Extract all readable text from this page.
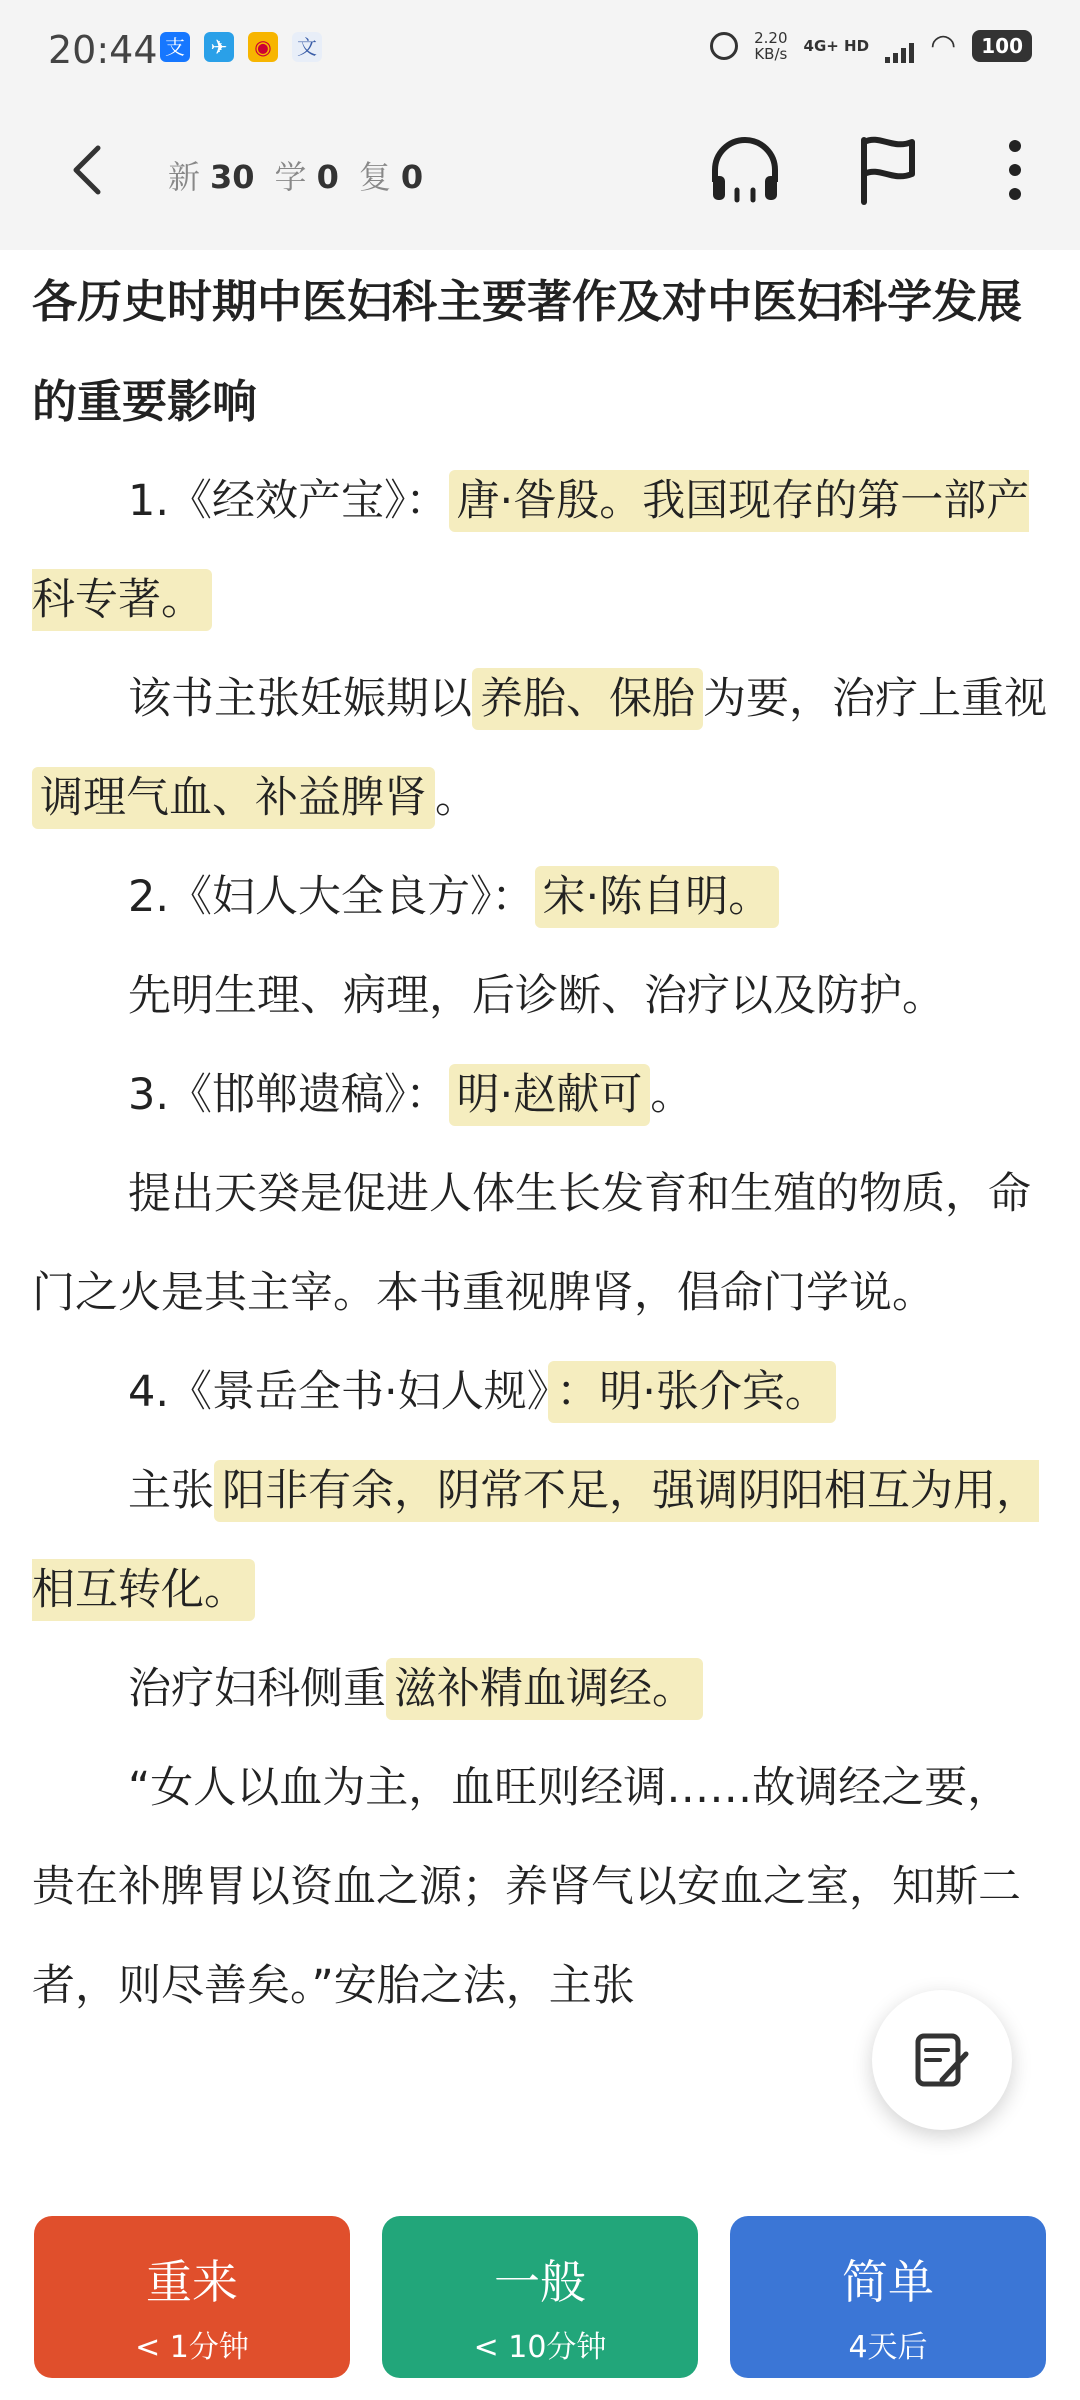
20:44 支	✈	◉	文	2.20
KB/s 4G+ HD ◠	100
新 30 学 0 复 0

各历史时期中医妇科主要著作及对中医妇科学发展的重要影响

1.《经效产宝》： 唐·昝殷。我国现存的第一部产科专著。

该书主张妊娠期以 养胎、保胎 为要，治疗上重视调理气血、补益脾肾 。

2.《妇人大全良方》： 宋·陈自明。

先明生理、病理，后诊断、治疗以及防护。

3.《邯郸遗稿》： 明·赵献可 。

提出天癸是促进人体生长发育和生殖的物质，命门之火是其主宰。本书重视脾肾，倡命门学说。

4.《景岳全书·妇人规》 ：明·张介宾。

主张 阳非有余，阴常不足，强调阴阳相互为用，相互转化。

治疗妇科侧重 滋补精血调经。

“女人以血为主，血旺则经调……故调经之要，贵在补脾胃以资血之源；养肾气以安血之室，知斯二者，则尽善矣。”安胎之法，主张

重来
< 1分钟
一般
< 10分钟
简单
4天后
